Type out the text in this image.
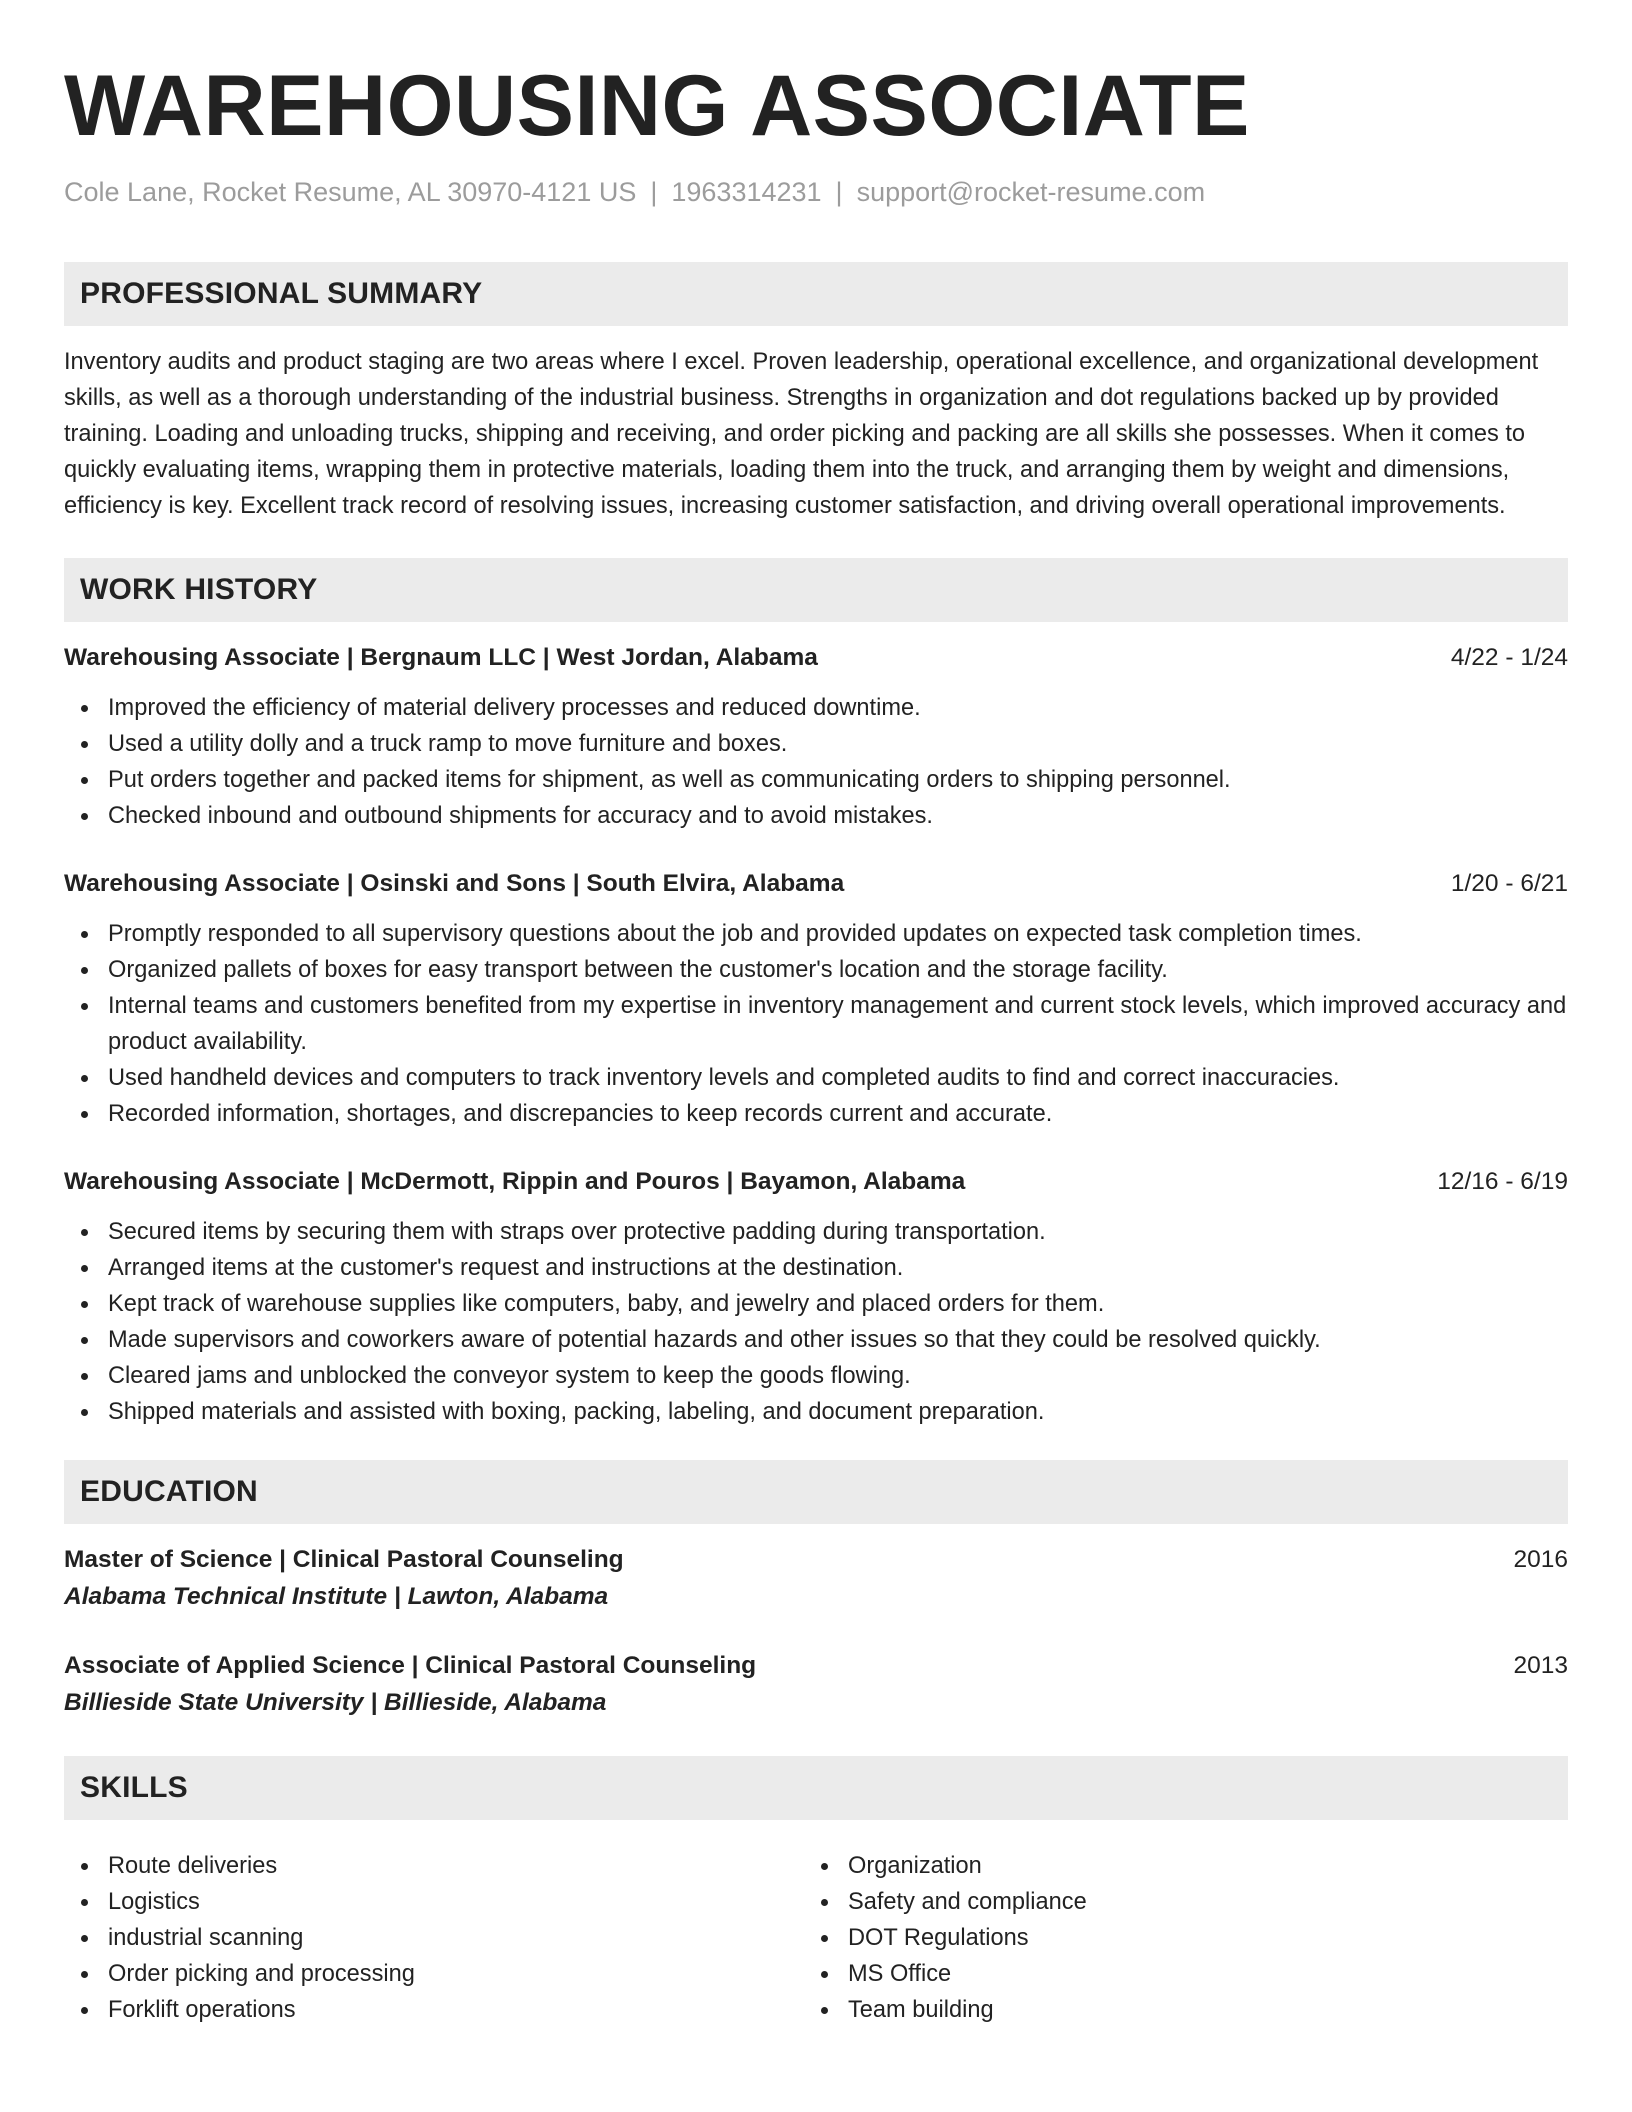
WAREHOUSING ASSOCIATE
Cole Lane, Rocket Resume, AL 30970-4121 US | 1963314231 | support@rocket-resume.com
PROFESSIONAL SUMMARY

Inventory audits and product staging are two areas where I excel. Proven leadership, operational excellence, and organizational development skills, as well as a thorough understanding of the industrial business. Strengths in organization and dot regulations backed up by provided training. Loading and unloading trucks, shipping and receiving, and order picking and packing are all skills she possesses. When it comes to quickly evaluating items, wrapping them in protective materials, loading them into the truck, and arranging them by weight and dimensions, efficiency is key. Excellent track record of resolving issues, increasing customer satisfaction, and driving overall operational improvements.

WORK HISTORY
Warehousing Associate | Bergnaum LLC | West Jordan, Alabama	4/22 - 1/24
Improved the efficiency of material delivery processes and reduced downtime.
Used a utility dolly and a truck ramp to move furniture and boxes.
Put orders together and packed items for shipment, as well as communicating orders to shipping personnel.
Checked inbound and outbound shipments for accuracy and to avoid mistakes.
Warehousing Associate | Osinski and Sons | South Elvira, Alabama	1/20 - 6/21
Promptly responded to all supervisory questions about the job and provided updates on expected task completion times.
Organized pallets of boxes for easy transport between the customer's location and the storage facility.
Internal teams and customers benefited from my expertise in inventory management and current stock levels, which improved accuracy and product availability.
Used handheld devices and computers to track inventory levels and completed audits to find and correct inaccuracies.
Recorded information, shortages, and discrepancies to keep records current and accurate.
Warehousing Associate | McDermott, Rippin and Pouros | Bayamon, Alabama	12/16 - 6/19
Secured items by securing them with straps over protective padding during transportation.
Arranged items at the customer's request and instructions at the destination.
Kept track of warehouse supplies like computers, baby, and jewelry and placed orders for them.
Made supervisors and coworkers aware of potential hazards and other issues so that they could be resolved quickly.
Cleared jams and unblocked the conveyor system to keep the goods flowing.
Shipped materials and assisted with boxing, packing, labeling, and document preparation.
EDUCATION
Master of Science | Clinical Pastoral Counseling	2016
Alabama Technical Institute | Lawton, Alabama
Associate of Applied Science | Clinical Pastoral Counseling	2013
Billieside State University | Billieside, Alabama
SKILLS
Route deliveries
Logistics
industrial scanning
Order picking and processing
Forklift operations
Organization
Safety and compliance
DOT Regulations
MS Office
Team building
